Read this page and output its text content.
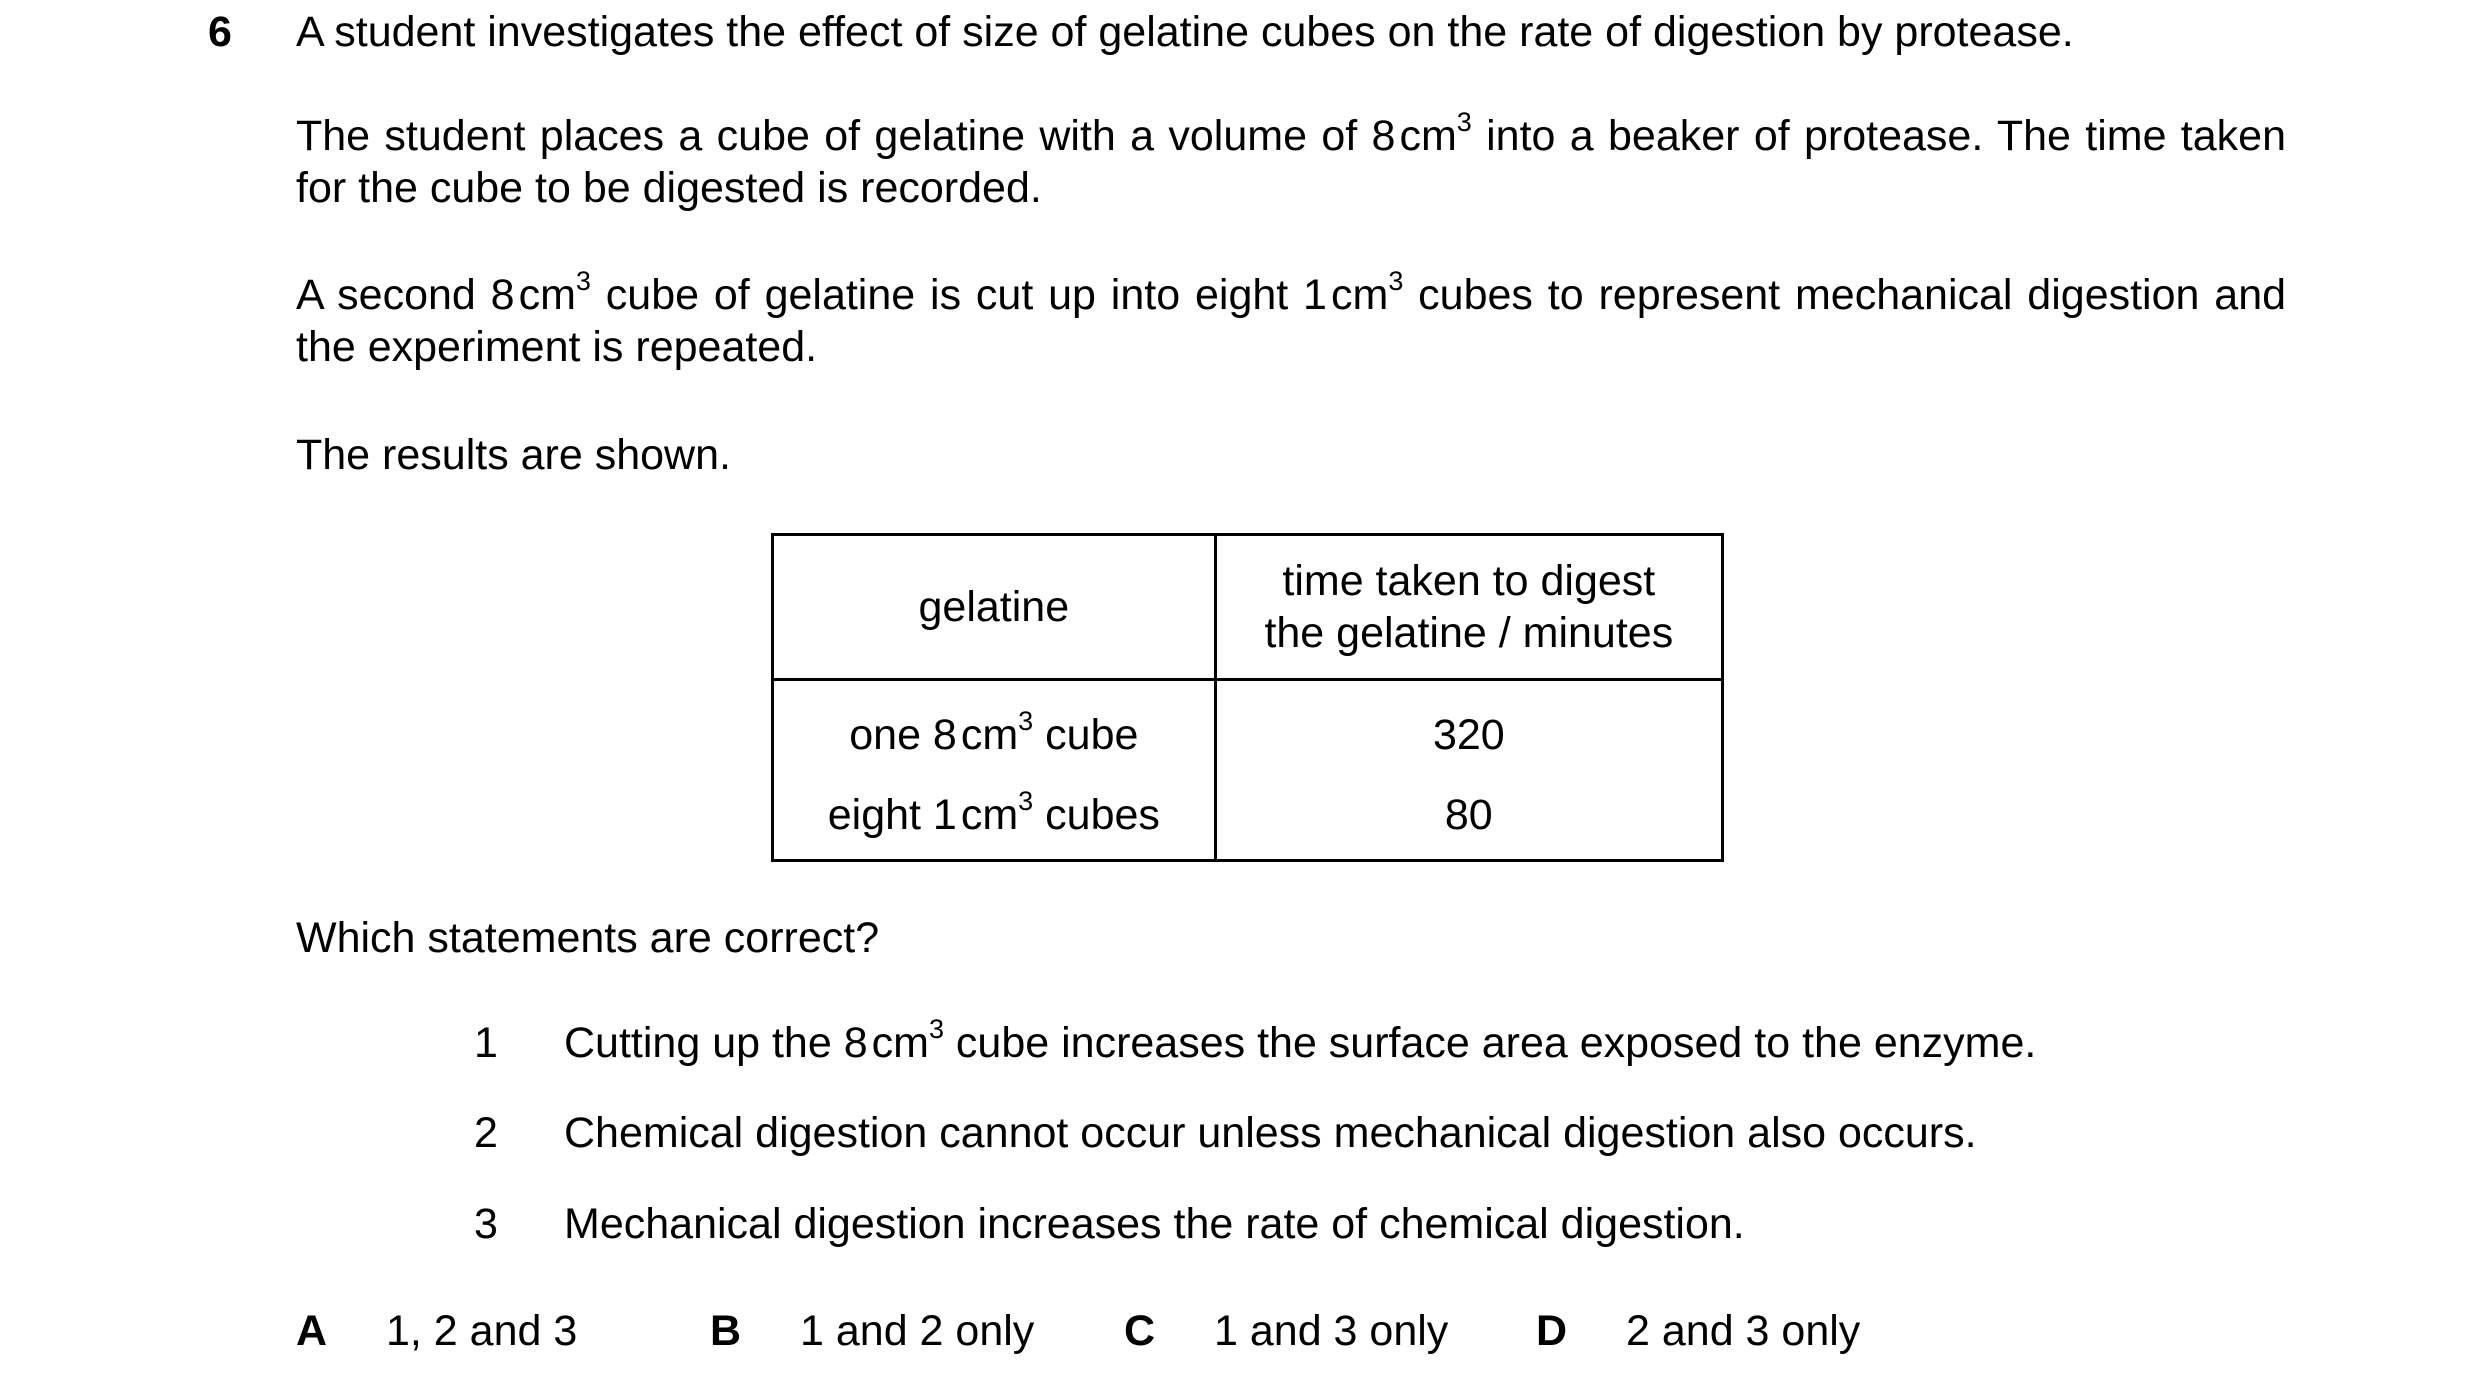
6 A student investigates the effect of size of gelatine cubes on the rate of digestion by protease.

The student places a cube of gelatine with a volume of $8cm^3$ into a beaker of protease. The time taken for the cube to be digested is recorded.

A second $8cm^3$ cube of gelatine is cut up into eight $1cm^3$ cubes to represent mechanical digestion and the experiment is repeated.

The results are shown.

gelatine	time taken to digest
the gelatine / minutes
one $8cm^3$ cube	320
eight $1cm^3$ cubes	80

Which statements are correct?

1 Cutting up the $8cm^3$ cube increases the surface area exposed to the enzyme.
2 Chemical digestion cannot occur unless mechanical digestion also occurs.
3 Mechanical digestion increases the rate of chemical digestion.
A 1, 2 and 3	B 1 and 2 only C 1 and 3 only D 2 and 3 only
